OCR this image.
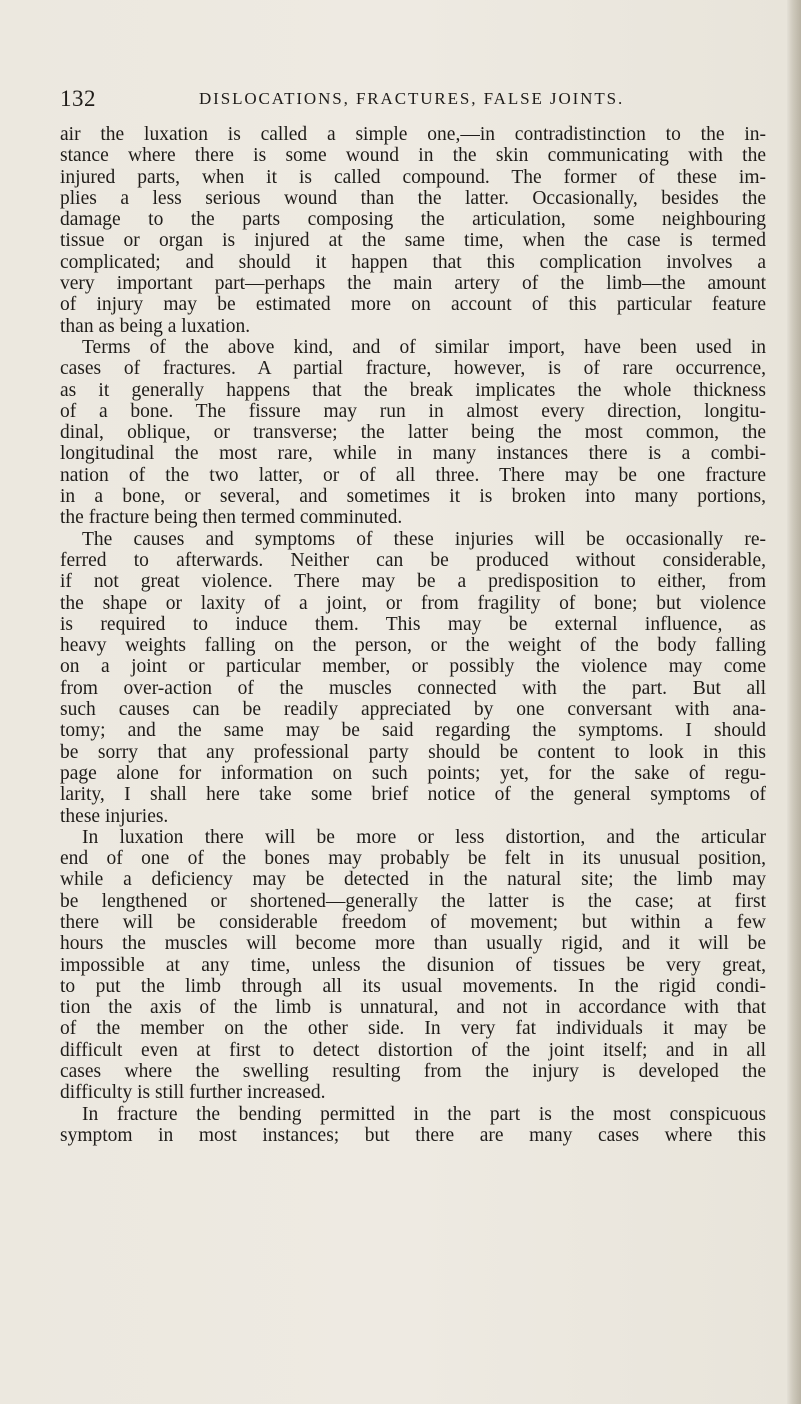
132	DISLOCATIONS, FRACTURES, FALSE JOINTS.
air the luxation is called a simple one,—in contradistinction to the in-
stance where there is some wound in the skin communicating with the
injured parts, when it is called compound. The former of these im-
plies a less serious wound than the latter. Occasionally, besides the
damage to the parts composing the articulation, some neighbouring
tissue or organ is injured at the same time, when the case is termed
complicated; and should it happen that this complication involves a
very important part—perhaps the main artery of the limb—the amount
of injury may be estimated more on account of this particular feature
than as being a luxation.
Terms of the above kind, and of similar import, have been used in
cases of fractures. A partial fracture, however, is of rare occurrence,
as it generally happens that the break implicates the whole thickness
of a bone. The fissure may run in almost every direction, longitu-
dinal, oblique, or transverse; the latter being the most common, the
longitudinal the most rare, while in many instances there is a combi-
nation of the two latter, or of all three. There may be one fracture
in a bone, or several, and sometimes it is broken into many portions,
the fracture being then termed comminuted.
The causes and symptoms of these injuries will be occasionally re-
ferred to afterwards. Neither can be produced without considerable,
if not great violence. There may be a predisposition to either, from
the shape or laxity of a joint, or from fragility of bone; but violence
is required to induce them. This may be external influence, as
heavy weights falling on the person, or the weight of the body falling
on a joint or particular member, or possibly the violence may come
from over-action of the muscles connected with the part. But all
such causes can be readily appreciated by one conversant with ana-
tomy; and the same may be said regarding the symptoms. I should
be sorry that any professional party should be content to look in this
page alone for information on such points; yet, for the sake of regu-
larity, I shall here take some brief notice of the general symptoms of
these injuries.
In luxation there will be more or less distortion, and the articular
end of one of the bones may probably be felt in its unusual position,
while a deficiency may be detected in the natural site; the limb may
be lengthened or shortened—generally the latter is the case; at first
there will be considerable freedom of movement; but within a few
hours the muscles will become more than usually rigid, and it will be
impossible at any time, unless the disunion of tissues be very great,
to put the limb through all its usual movements. In the rigid condi-
tion the axis of the limb is unnatural, and not in accordance with that
of the member on the other side. In very fat individuals it may be
difficult even at first to detect distortion of the joint itself; and in all
cases where the swelling resulting from the injury is developed the
difficulty is still further increased.
In fracture the bending permitted in the part is the most conspicuous
symptom in most instances; but there are many cases where this
